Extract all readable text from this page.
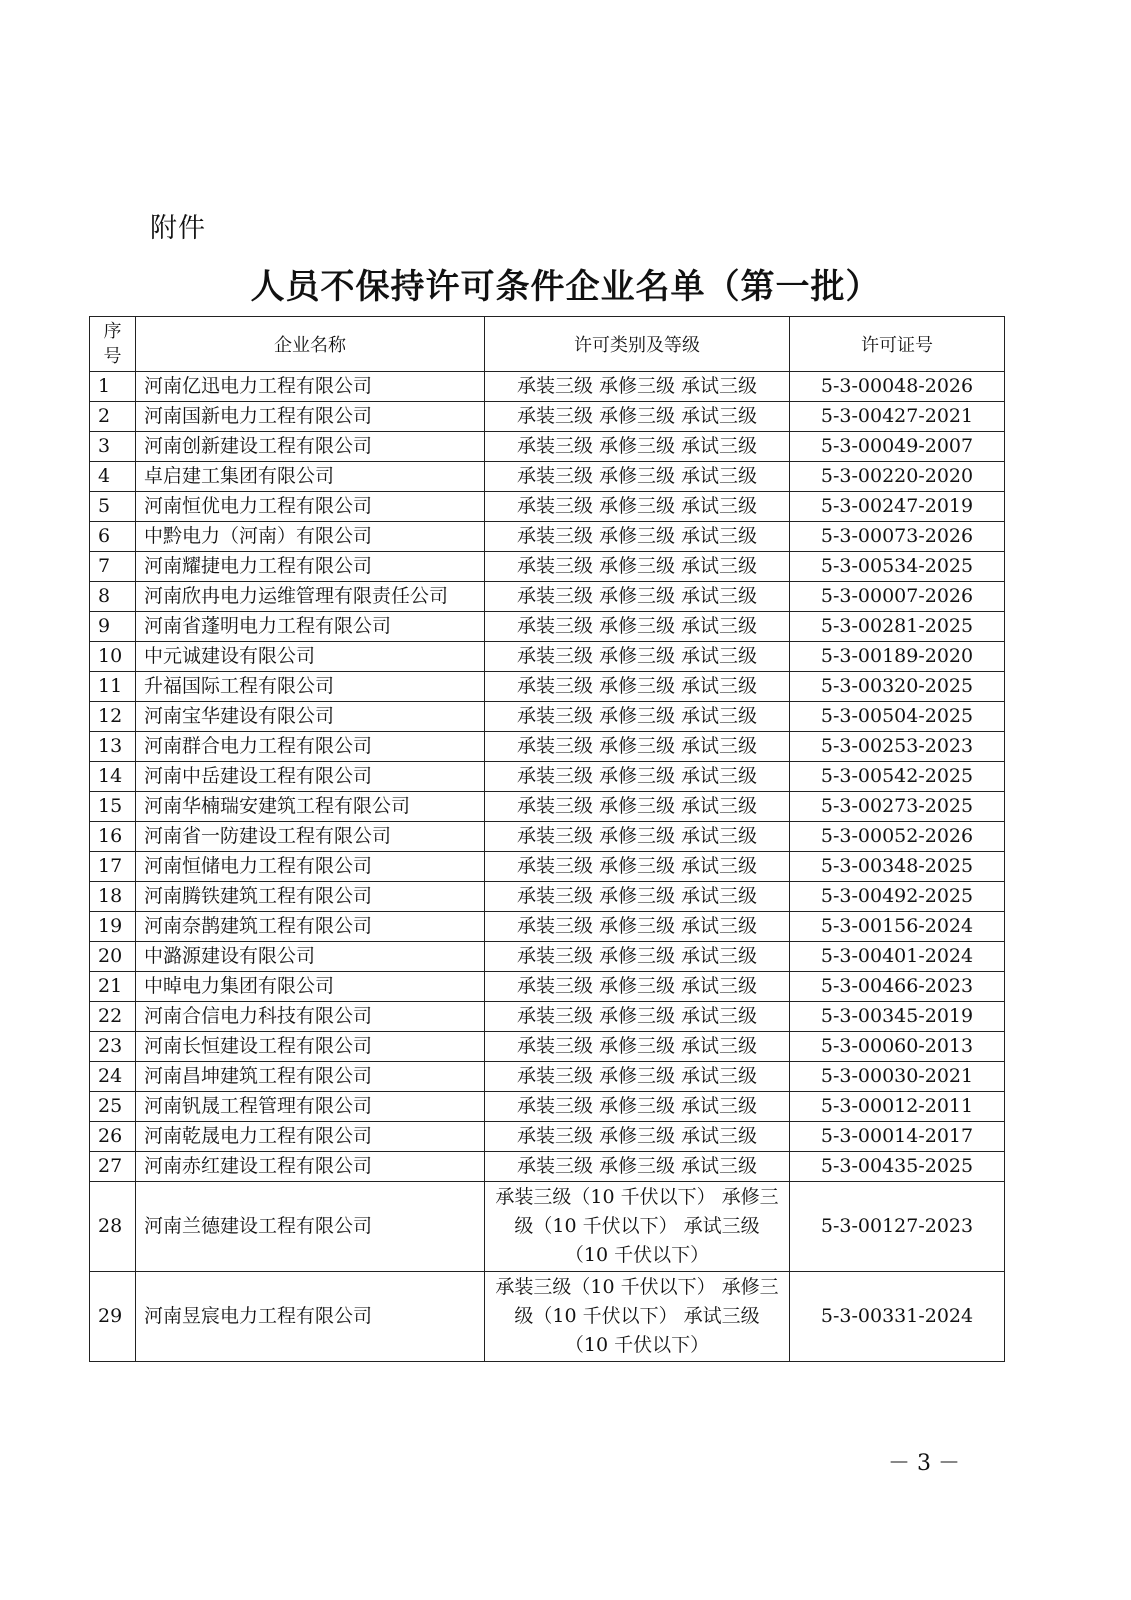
附件
人员不保持许可条件企业名单（第一批）
序
号	企业名称	许可类别及等级	许可证号
1	河南亿迅电力工程有限公司	承装三级 承修三级 承试三级	5-3-00048-2026
2	河南国新电力工程有限公司	承装三级 承修三级 承试三级	5-3-00427-2021
3	河南创新建设工程有限公司	承装三级 承修三级 承试三级	5-3-00049-2007
4	卓启建工集团有限公司	承装三级 承修三级 承试三级	5-3-00220-2020
5	河南恒优电力工程有限公司	承装三级 承修三级 承试三级	5-3-00247-2019
6	中黔电力（河南）有限公司	承装三级 承修三级 承试三级	5-3-00073-2026
7	河南耀捷电力工程有限公司	承装三级 承修三级 承试三级	5-3-00534-2025
8	河南欣冉电力运维管理有限责任公司	承装三级 承修三级 承试三级	5-3-00007-2026
9	河南省蓬明电力工程有限公司	承装三级 承修三级 承试三级	5-3-00281-2025
10	中元诚建设有限公司	承装三级 承修三级 承试三级	5-3-00189-2020
11	升福国际工程有限公司	承装三级 承修三级 承试三级	5-3-00320-2025
12	河南宝华建设有限公司	承装三级 承修三级 承试三级	5-3-00504-2025
13	河南群合电力工程有限公司	承装三级 承修三级 承试三级	5-3-00253-2023
14	河南中岳建设工程有限公司	承装三级 承修三级 承试三级	5-3-00542-2025
15	河南华楠瑞安建筑工程有限公司	承装三级 承修三级 承试三级	5-3-00273-2025
16	河南省一防建设工程有限公司	承装三级 承修三级 承试三级	5-3-00052-2026
17	河南恒储电力工程有限公司	承装三级 承修三级 承试三级	5-3-00348-2025
18	河南腾铁建筑工程有限公司	承装三级 承修三级 承试三级	5-3-00492-2025
19	河南奈鹊建筑工程有限公司	承装三级 承修三级 承试三级	5-3-00156-2024
20	中潞源建设有限公司	承装三级 承修三级 承试三级	5-3-00401-2024
21	中晫电力集团有限公司	承装三级 承修三级 承试三级	5-3-00466-2023
22	河南合信电力科技有限公司	承装三级 承修三级 承试三级	5-3-00345-2019
23	河南长恒建设工程有限公司	承装三级 承修三级 承试三级	5-3-00060-2013
24	河南昌坤建筑工程有限公司	承装三级 承修三级 承试三级	5-3-00030-2021
25	河南钒晟工程管理有限公司	承装三级 承修三级 承试三级	5-3-00012-2011
26	河南乾晟电力工程有限公司	承装三级 承修三级 承试三级	5-3-00014-2017
27	河南赤红建设工程有限公司	承装三级 承修三级 承试三级	5-3-00435-2025
28	河南兰德建设工程有限公司	承装三级（10 千伏以下） 承修三级（10 千伏以下） 承试三级（10 千伏以下）	5-3-00127-2023
29	河南昱宸电力工程有限公司	承装三级（10 千伏以下） 承修三级（10 千伏以下） 承试三级（10 千伏以下）	5-3-00331-2024
－ 3 －
